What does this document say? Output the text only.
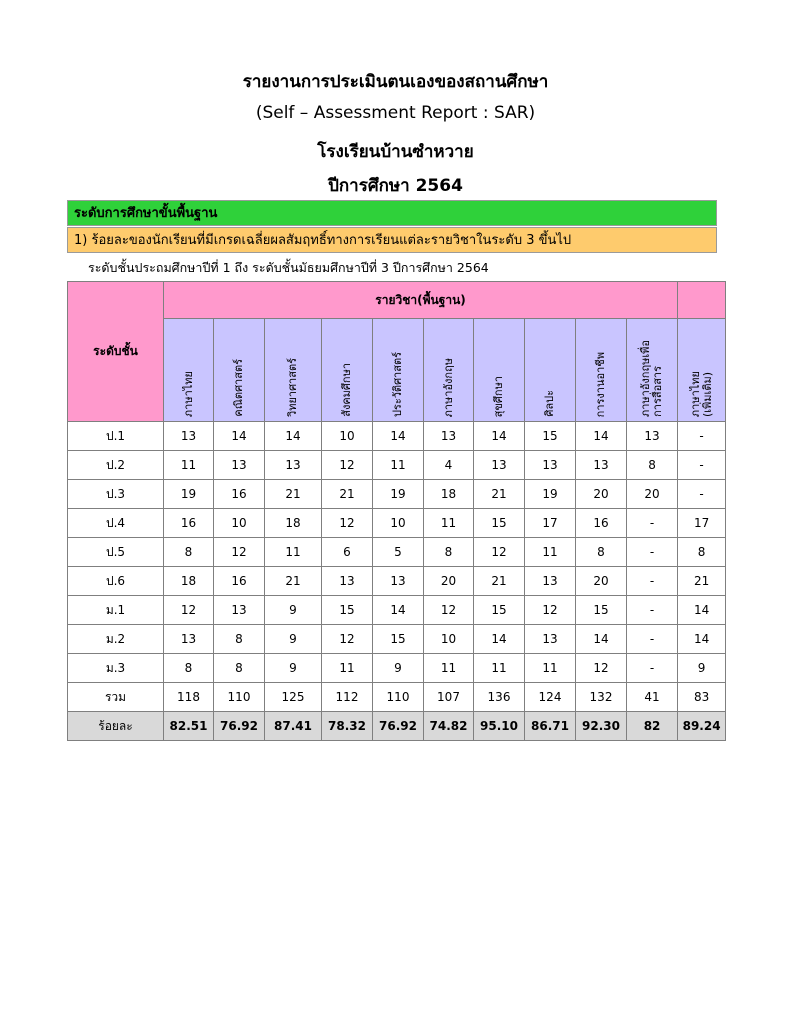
รายงานการประเมินตนเองของสถานศึกษา
(Self – Assessment Report : SAR)
โรงเรียนบ้านซำหวาย
ปีการศึกษา 2564
ระดับการศึกษาขั้นพื้นฐาน
1) ร้อยละของนักเรียนที่มีเกรดเฉลี่ยผลสัมฤทธิ์ทางการเรียนแต่ละรายวิชาในระดับ 3 ขึ้นไป
ระดับชั้นประถมศึกษาปีที่ 1 ถึง ระดับชั้นมัธยมศึกษาปีที่ 3 ปีการศึกษา 2564
ระดับชั้น	รายวิชา(พื้นฐาน)										

	ภาษาไทย	คณิตศาสตร์	วิทยาศาสตร์	สังคมศึกษา	ประวัติศาสตร์	ภาษาอังกฤษ	สุขศึกษา	ศิลปะ	การงานอาชีพ	ภาษาอังกฤษเพื่อ การสื่อสาร	ภาษาไทย (เพิ่มเติม)

ป.1	13	14	14	10	14	13	14	15	14	13	-
ป.2	11	13	13	12	11	4	13	13	13	8	-
ป.3	19	16	21	21	19	18	21	19	20	20	-
ป.4	16	10	18	12	10	11	15	17	16	-	17
ป.5	8	12	11	6	5	8	12	11	8	-	8
ป.6	18	16	21	13	13	20	21	13	20	-	21
ม.1	12	13	9	15	14	12	15	12	15	-	14
ม.2	13	8	9	12	15	10	14	13	14	-	14
ม.3	8	8	9	11	9	11	11	11	12	-	9
รวม	118	110	125	112	110	107	136	124	132	41	83
ร้อยละ	82.51	76.92	87.41	78.32	76.92	74.82	95.10	86.71	92.30	82	89.24
